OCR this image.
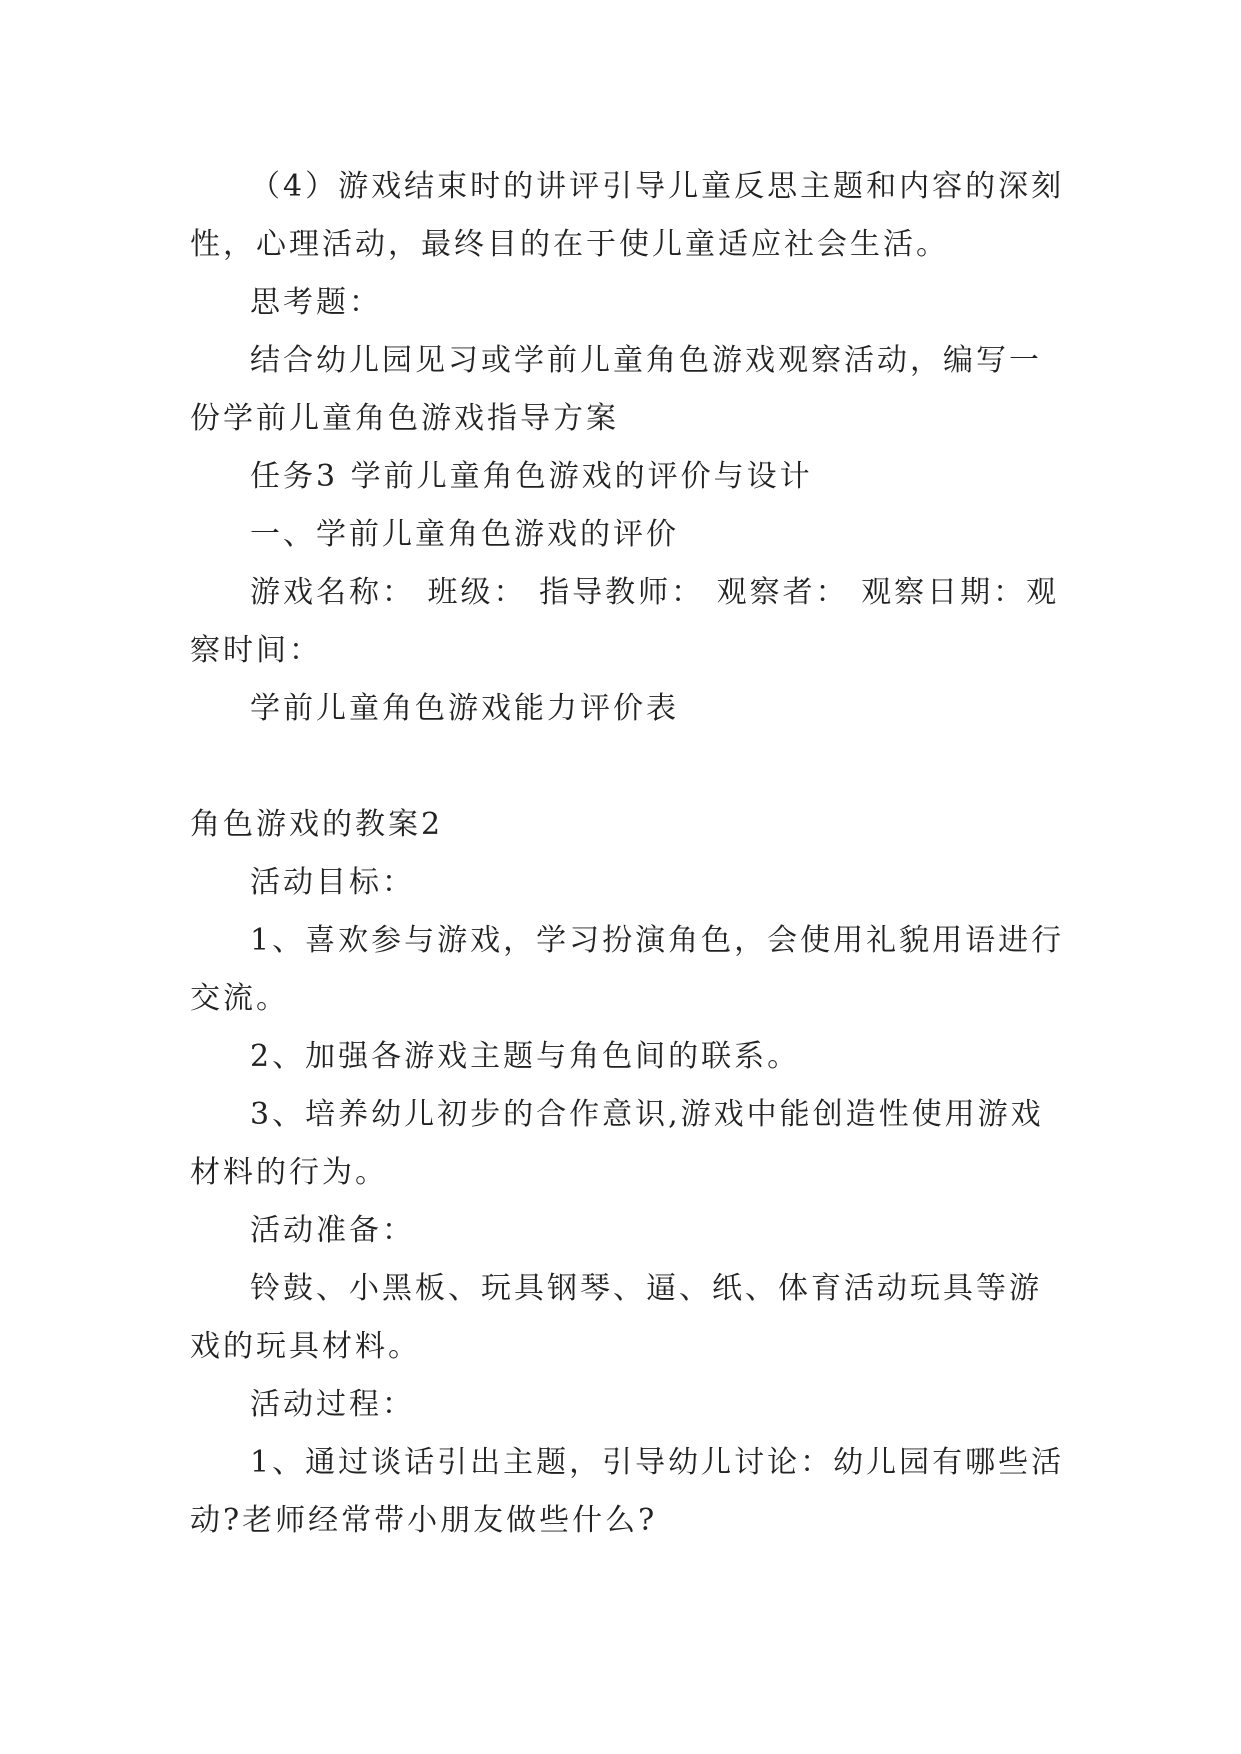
（4）游戏结束时的讲评引导儿童反思主题和内容的深刻性，心理活动，最终目的在于使儿童适应社会生活。

思考题：

结合幼儿园见习或学前儿童角色游戏观察活动，编写一份学前儿童角色游戏指导方案

任务3 学前儿童角色游戏的评价与设计

一、学前儿童角色游戏的评价

游戏名称： 班级： 指导教师： 观察者： 观察日期：观察时间：

学前儿童角色游戏能力评价表

角色游戏的教案2

活动目标：

1、喜欢参与游戏，学习扮演角色，会使用礼貌用语进行交流。

2、加强各游戏主题与角色间的联系。

3、培养幼儿初步的合作意识,游戏中能创造性使用游戏材料的行为。

活动准备：

铃鼓、小黑板、玩具钢琴、逼、纸、体育活动玩具等游戏的玩具材料。

活动过程：

1、通过谈话引出主题，引导幼儿讨论：幼儿园有哪些活动?老师经常带小朋友做些什么?
